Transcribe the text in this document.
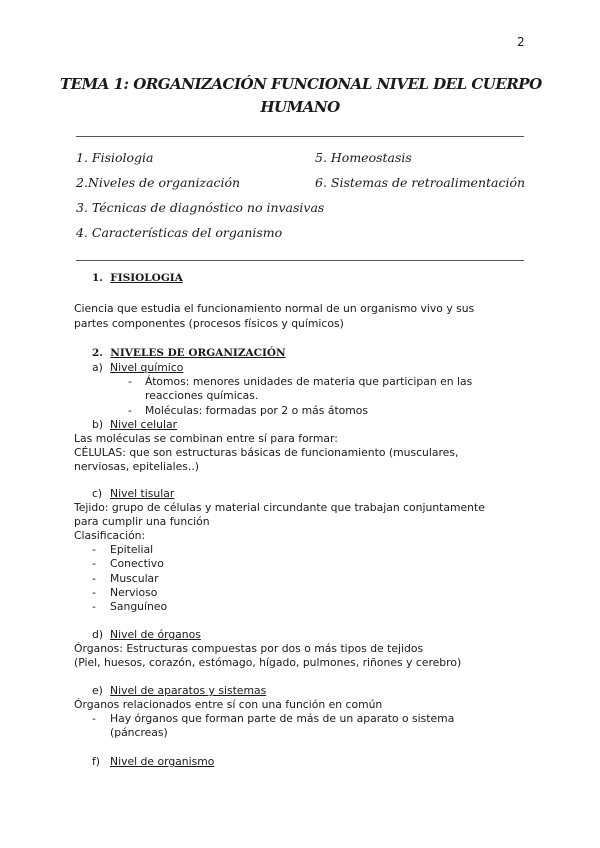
2
TEMA 1: ORGANIZACIÓN FUNCIONAL NIVEL DEL CUERPO
HUMANO
1. Fisiologia
2.Niveles de organización
3. Técnicas de diagnóstico no invasivas
4. Características del organismo
5. Homeostasis
6. Sistemas de retroalimentación
1. FISIOLOGIA
Ciencia que estudia el funcionamiento normal de un organismo vivo y sus
partes componentes (procesos físicos y químicos)
2. NIVELES DE ORGANIZACIÓN
a) Nivel químico
- Átomos: menores unidades de materia que participan en las
reacciones químicas.
- Moléculas: formadas por 2 o más átomos
b) Nivel celular
Las moléculas se combinan entre sí para formar:
CÉLULAS: que son estructuras básicas de funcionamiento (musculares,
nerviosas, epiteliales..)
c) Nivel tisular
Tejido: grupo de células y material circundante que trabajan conjuntamente
para cumplir una función
Clasificación:
- Epitelial
- Conectivo
- Muscular
- Nervioso
- Sanguíneo
d) Nivel de órganos
Órganos: Estructuras compuestas por dos o más tipos de tejidos
(Piel, huesos, corazón, estómago, hígado, pulmones, riñones y cerebro)
e) Nivel de aparatos y sistemas
Órganos relacionados entre sí con una función en común
- Hay órganos que forman parte de más de un aparato o sistema
(páncreas)
f) Nivel de organismo
